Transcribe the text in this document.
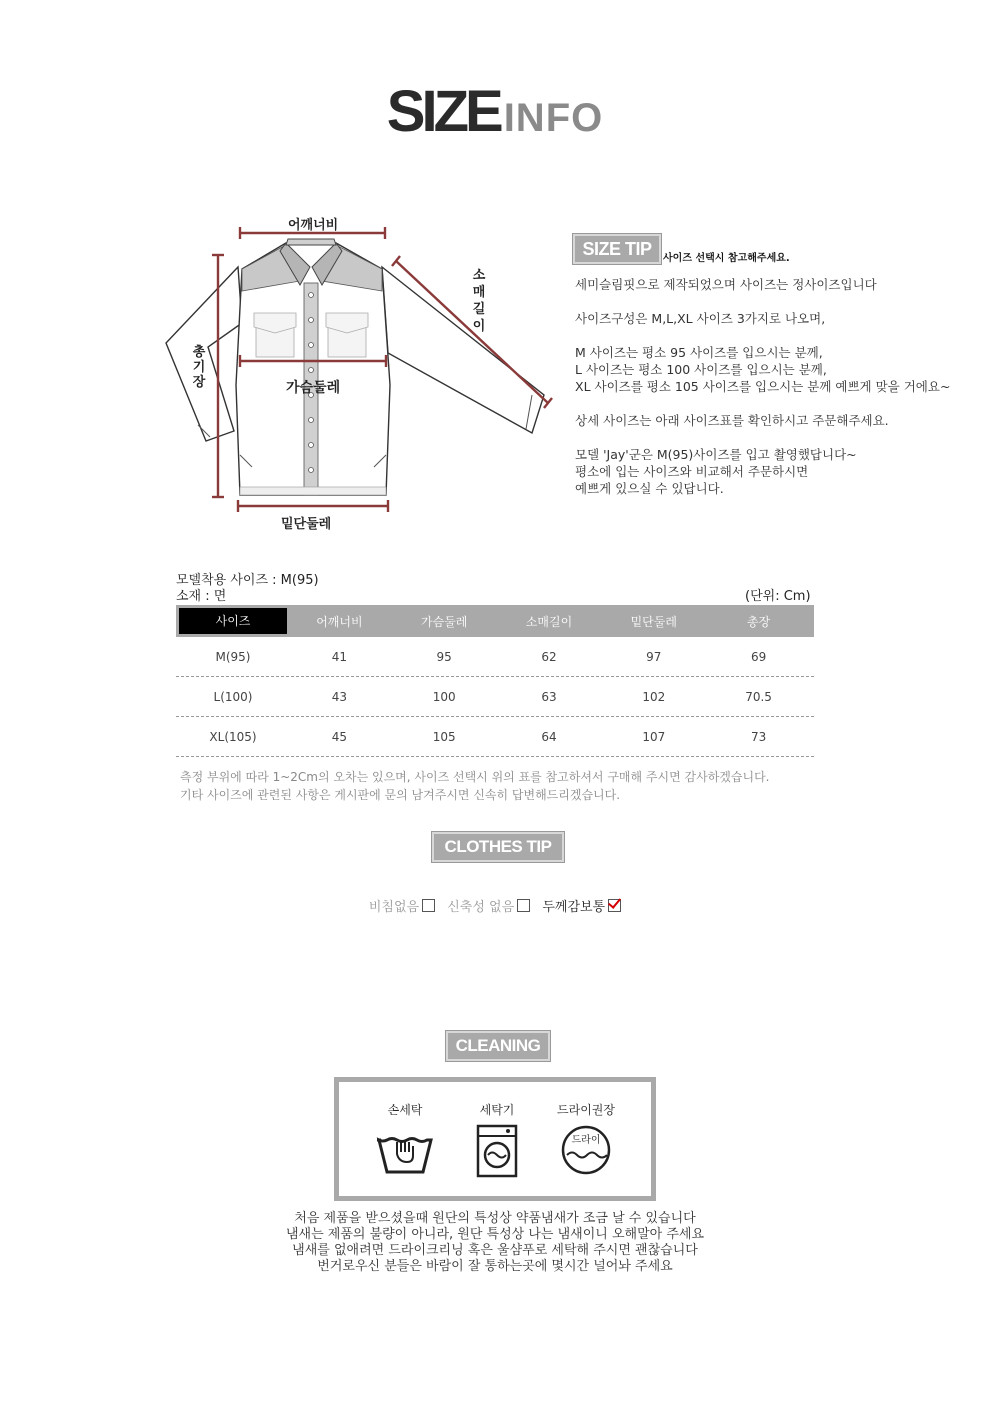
SIZE INFO
어깨너비
소매길이
총기장	가슴둘레
밑단둘레
SIZE TIP	사이즈 선택시 참고해주세요.
세미슬림핏으로 제작되었으며 사이즈는 정사이즈입니다
사이즈구성은 M,L,XL 사이즈 3가지로 나오며,
M 사이즈는 평소 95 사이즈를 입으시는 분께,
L 사이즈는 평소 100 사이즈를 입으시는 분께,
XL 사이즈를 평소 105 사이즈를 입으시는 분께 예쁘게 맞을 거에요~
상세 사이즈는 아래 사이즈표를 확인하시고 주문해주세요.
모델 'Jay'군은 M(95)사이즈를 입고 촬영했답니다~
평소에 입는 사이즈와 비교해서 주문하시면
예쁘게 있으실 수 있답니다.
모델착용 사이즈 : M(95)
소재 : 면	(단위: Cm)
사이즈	어깨너비	가슴둘레	소매길이	밑단둘레	총장
M(95)	41	95	62	97	69
L(100)	43	100	63	102	70.5
XL(105)	45	105	64	107	73
측정 부위에 따라 1~2Cm의 오차는 있으며, 사이즈 선택시 위의 표를 참고하셔서 구매해 주시면 감사하겠습니다.
기타 사이즈에 관련된 사항은 게시판에 문의 남겨주시면 신속히 답변해드리겠습니다.
CLOTHES TIP
비침없음 신축성 없음 두께감보통
CLEANING
손세탁	세탁기	드라이권장
드라이
처음 제품을 받으셨을때 원단의 특성상 약품냄새가 조금 날 수 있습니다
냄새는 제품의 불량이 아니라, 원단 특성상 나는 냄새이니 오해말아 주세요
냄새를 없애려면 드라이크리닝 혹은 울샴푸로 세탁해 주시면 괜찮습니다
번거로우신 분들은 바람이 잘 통하는곳에 몇시간 널어놔 주세요
